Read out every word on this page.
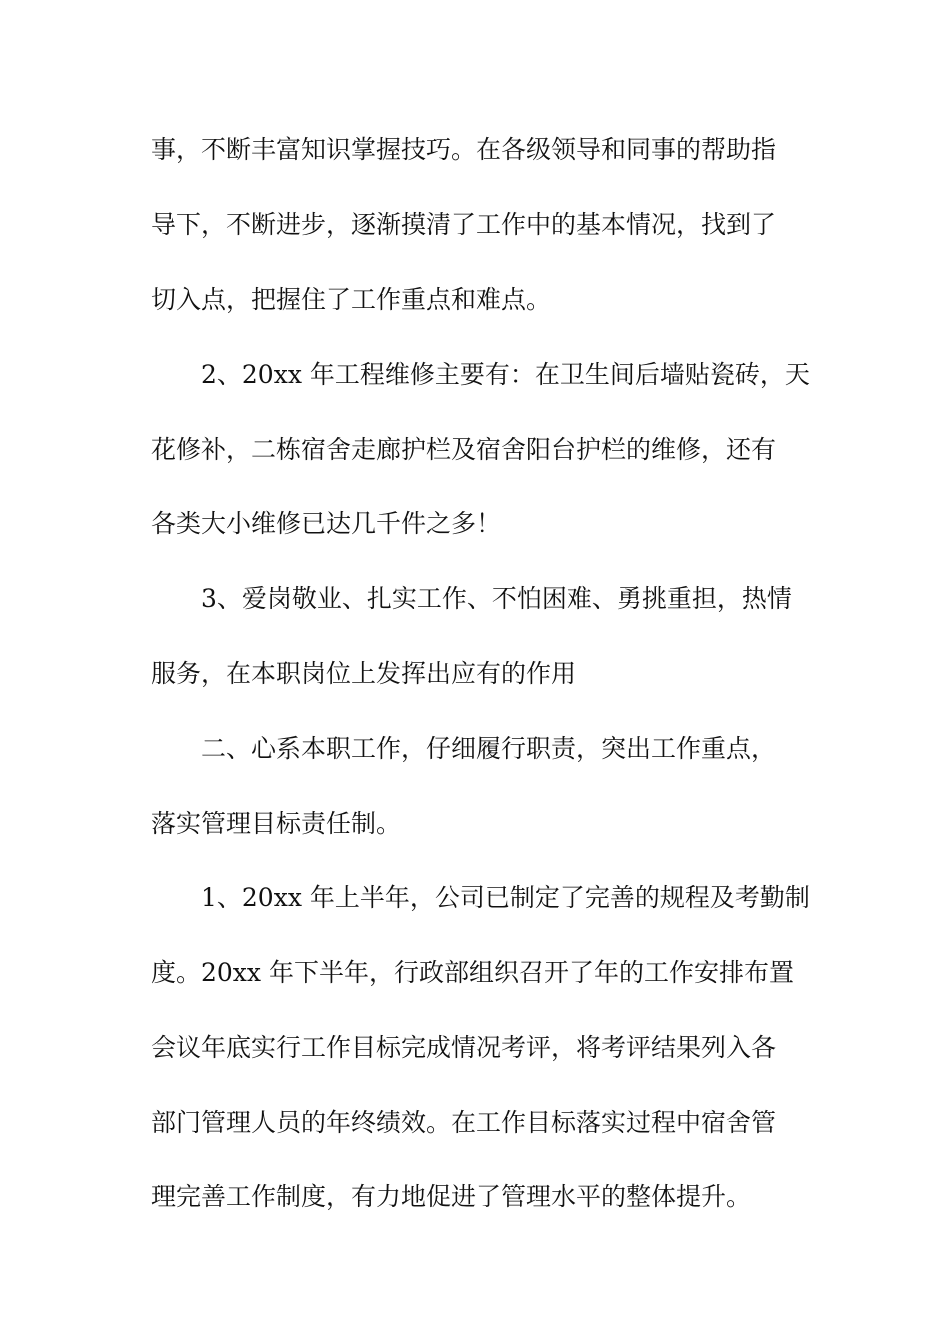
事，不断丰富知识掌握技巧。在各级领导和同事的帮助指
导下，不断进步，逐渐摸清了工作中的基本情况，找到了
切入点，把握住了工作重点和难点。
2、20xx 年工程维修主要有：在卫生间后墙贴瓷砖，天
花修补，二栋宿舍走廊护栏及宿舍阳台护栏的维修，还有
各类大小维修已达几千件之多！
3、爱岗敬业、扎实工作、不怕困难、勇挑重担，热情
服务，在本职岗位上发挥出应有的作用
二、心系本职工作，仔细履行职责，突出工作重点，
落实管理目标责任制。
1、20xx 年上半年，公司已制定了完善的规程及考勤制
度。20xx 年下半年，行政部组织召开了年的工作安排布置
会议年底实行工作目标完成情况考评，将考评结果列入各
部门管理人员的年终绩效。在工作目标落实过程中宿舍管
理完善工作制度，有力地促进了管理水平的整体提升。
